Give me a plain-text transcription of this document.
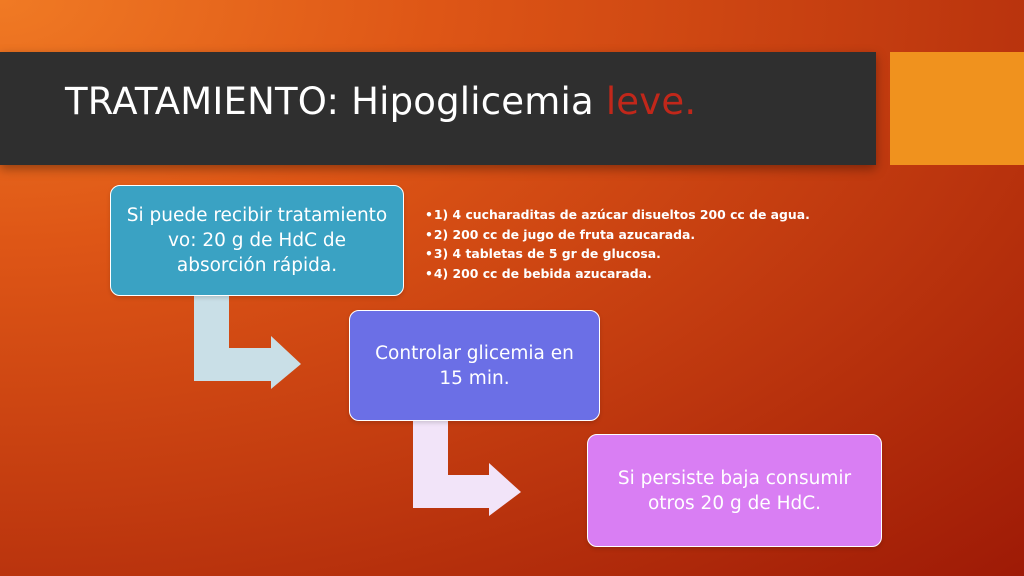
TRATAMIENTO: Hipoglicemia leve.
Si puede recibir tratamiento vo: 20 g de HdC de absorción rápida.
Controlar glicemia en 15 min.
Si persiste baja consumir otros 20 g de HdC.
• 1) 4 cucharaditas de azúcar disueltos 200 cc de agua.
• 2) 200 cc de jugo de fruta azucarada.
• 3) 4 tabletas de 5 gr de glucosa.
• 4) 200 cc de bebida azucarada.
